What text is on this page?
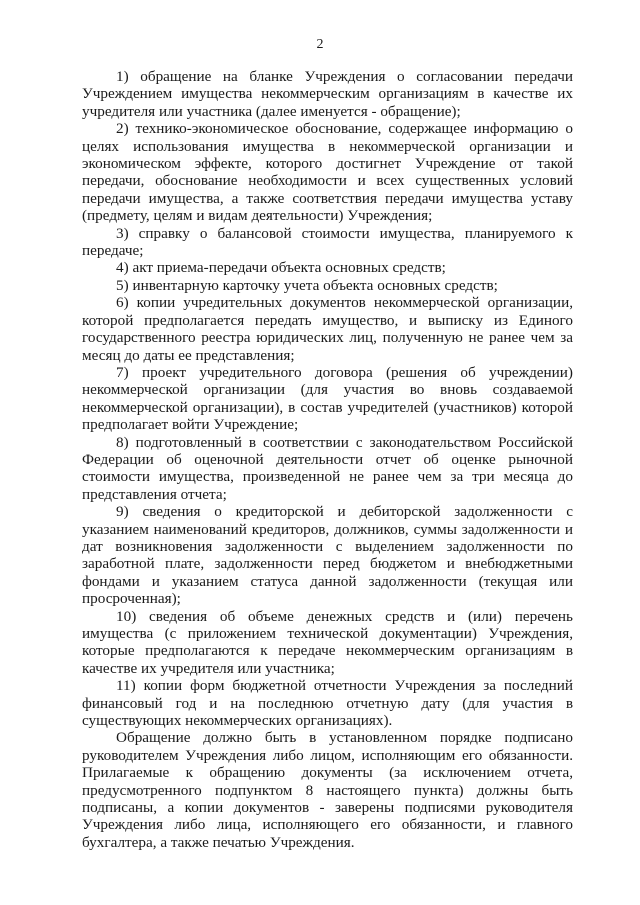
2

1) обращение на бланке Учреждения о согласовании передачи Учреждением имущества некоммерческим организациям в качестве их учредителя или участника (далее именуется - обращение);

2) технико-экономическое обоснование, содержащее информацию о целях использования имущества в некоммерческой организации и экономическом эффекте, которого достигнет Учреждение от такой передачи, обоснование необходимости и всех существенных условий передачи имущества, а также соответствия передачи имущества уставу (предмету, целям и видам деятельности) Учреждения;

3) справку о балансовой стоимости имущества, планируемого к передаче;

4) акт приема-передачи объекта основных средств;

5) инвентарную карточку учета объекта основных средств;

6) копии учредительных документов некоммерческой организации, которой предполагается передать имущество, и выписку из Единого государственного реестра юридических лиц, полученную не ранее чем за месяц до даты ее представления;

7) проект учредительного договора (решения об учреждении) некоммерческой организации (для участия во вновь создаваемой некоммерческой организации), в состав учредителей (участников) которой предполагает войти Учреждение;

8) подготовленный в соответствии с законодательством Российской Федерации об оценочной деятельности отчет об оценке рыночной стоимости имущества, произведенной не ранее чем за три месяца до представления отчета;

9) сведения о кредиторской и дебиторской задолженности с указанием наименований кредиторов, должников, суммы задолженности и дат возникновения задолженности с выделением задолженности по заработной плате, задолженности перед бюджетом и внебюджетными фондами и указанием статуса данной задолженности (текущая или просроченная);

10) сведения об объеме денежных средств и (или) перечень имущества (с приложением технической документации) Учреждения, которые предполагаются к передаче некоммерческим организациям в качестве их учредителя или участника;

11) копии форм бюджетной отчетности Учреждения за последний финансовый год и на последнюю отчетную дату (для участия в существующих некоммерческих организациях).

Обращение должно быть в установленном порядке подписано руководителем Учреждения либо лицом, исполняющим его обязанности. Прилагаемые к обращению документы (за исключением отчета, предусмотренного подпунктом 8 настоящего пункта) должны быть подписаны, а копии документов - заверены подписями руководителя Учреждения либо лица, исполняющего его обязанности, и главного бухгалтера, а также печатью Учреждения.
